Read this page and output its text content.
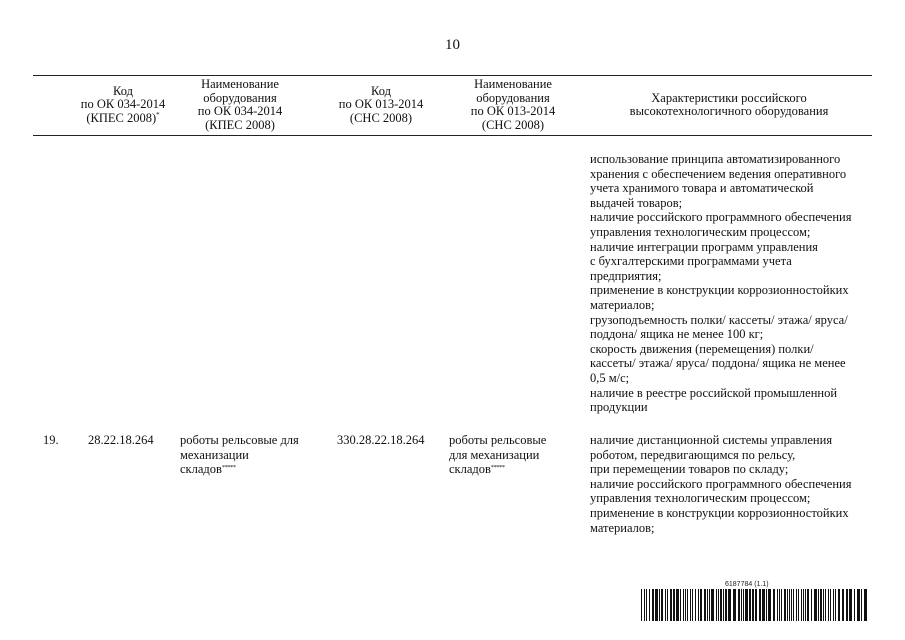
10
Код
по ОК 034-2014
(КПЕС 2008)*
Наименование
оборудования
по ОК 034-2014
(КПЕС 2008)
Код
по ОК 013-2014
(СНС 2008)
Наименование
оборудования
по ОК 013-2014
(СНС 2008)
Характеристики российского
высокотехнологичного оборудования
использование принципа автоматизированного
хранения с обеспечением ведения оперативного
учета хранимого товара и автоматической
выдачей товаров;
наличие российского программного обеспечения
управления технологическим процессом;
наличие интеграции программ управления
с бухгалтерскими программами учета
предприятия;
применение в конструкции коррозионностойких
материалов;
грузоподъемность полки/ кассеты/ этажа/ яруса/
поддона/ ящика не менее 100 кг;
скорость движения (перемещения) полки/
кассеты/ этажа/ яруса/ поддона/ ящика не менее
0,5 м/с;
наличие в реестре российской промышленной
продукции
19. 28.22.18.264 роботы рельсовые для
механизации
складов*****
330.28.22.18.264 роботы рельсовые
для механизации
складов*****
наличие дистанционной системы управления
роботом, передвигающимся по рельсу,
при перемещении товаров по складу;
наличие российского программного обеспечения
управления технологическим процессом;
применение в конструкции коррозионностойких
материалов;
6187784 (1.1)
